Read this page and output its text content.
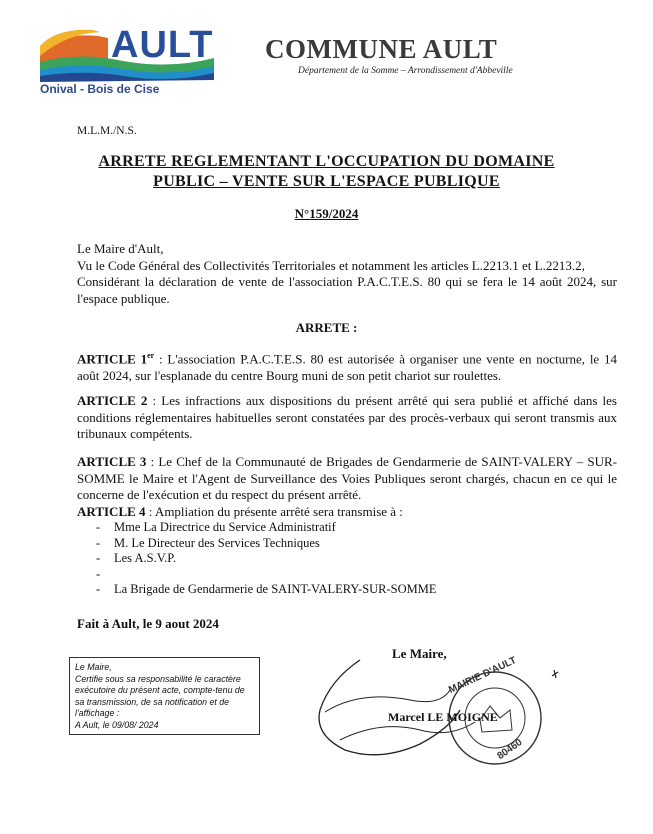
AULT
Onival - Bois de Cise
COMMUNE AULT
Département de la Somme – Arrondissement d'Abbeville
M.L.M./N.S.
ARRETE REGLEMENTANT L'OCCUPATION DU DOMAINE
PUBLIC – VENTE SUR L'ESPACE PUBLIQUE
N°159/2024
Le Maire d'Ault,
Vu le Code Général des Collectivités Territoriales et notamment les articles L.2213.1 et L.2213.2,
Considérant la déclaration de vente de l'association P.A.C.T.E.S. 80 qui se fera le 14 août 2024, sur l'espace publique.
ARRETE :
ARTICLE 1er : L'association P.A.C.T.E.S. 80 est autorisée à organiser une vente en nocturne, le 14 août 2024, sur l'esplanade du centre Bourg muni de son petit chariot sur roulettes.
ARTICLE 2 : Les infractions aux dispositions du présent arrêté qui sera publié et affiché dans les conditions réglementaires habituelles seront constatées par des procès-verbaux qui seront transmis aux tribunaux compétents.
ARTICLE 3 : Le Chef de la Communauté de Brigades de Gendarmerie de SAINT-VALERY – SUR-SOMME le Maire et l'Agent de Surveillance des Voies Publiques seront chargés, chacun en ce qui le concerne de l'exécution et du respect du présent arrêté.
ARTICLE 4 : Ampliation du présente arrêté sera transmise à :
- Mme La Directrice du Service Administratif
- M. Le Directeur des Services Techniques
- Les A.S.V.P.
-
- La Brigade de Gendarmerie de SAINT-VALERY-SUR-SOMME
Fait à Ault, le 9 aout 2024
Le Maire,
Certifie sous sa responsabilité le caractère exécutoire du présent acte, compte-tenu de sa transmission, de sa notification et de l'affichage :
A Ault, le 09/08/ 2024
Le Maire,
MAIRIE D'AULT
80460
Marcel LE MOIGNE
